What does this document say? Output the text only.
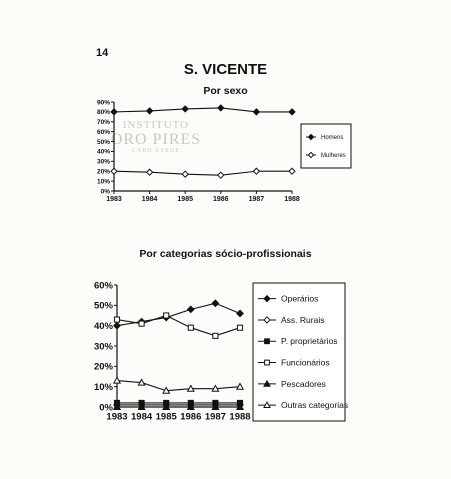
14
S. VICENTE
Por sexo
Por categorias sócio-profissionais
INSTITUTO
ORO PIRES
CABO VERDE
0%
10%
20%
30%
40%
50%
60%
70%
80%
90%
1983	1984	1985	1986	1987	1988
Homens
Mulheres
0%
10%
20%
30%
40%
50%
60%
1983 1984 1985 1986 1987 1988
Operários
Ass. Rurais
P. proprietários
Funcionários
Pescadores
Outras categorias
